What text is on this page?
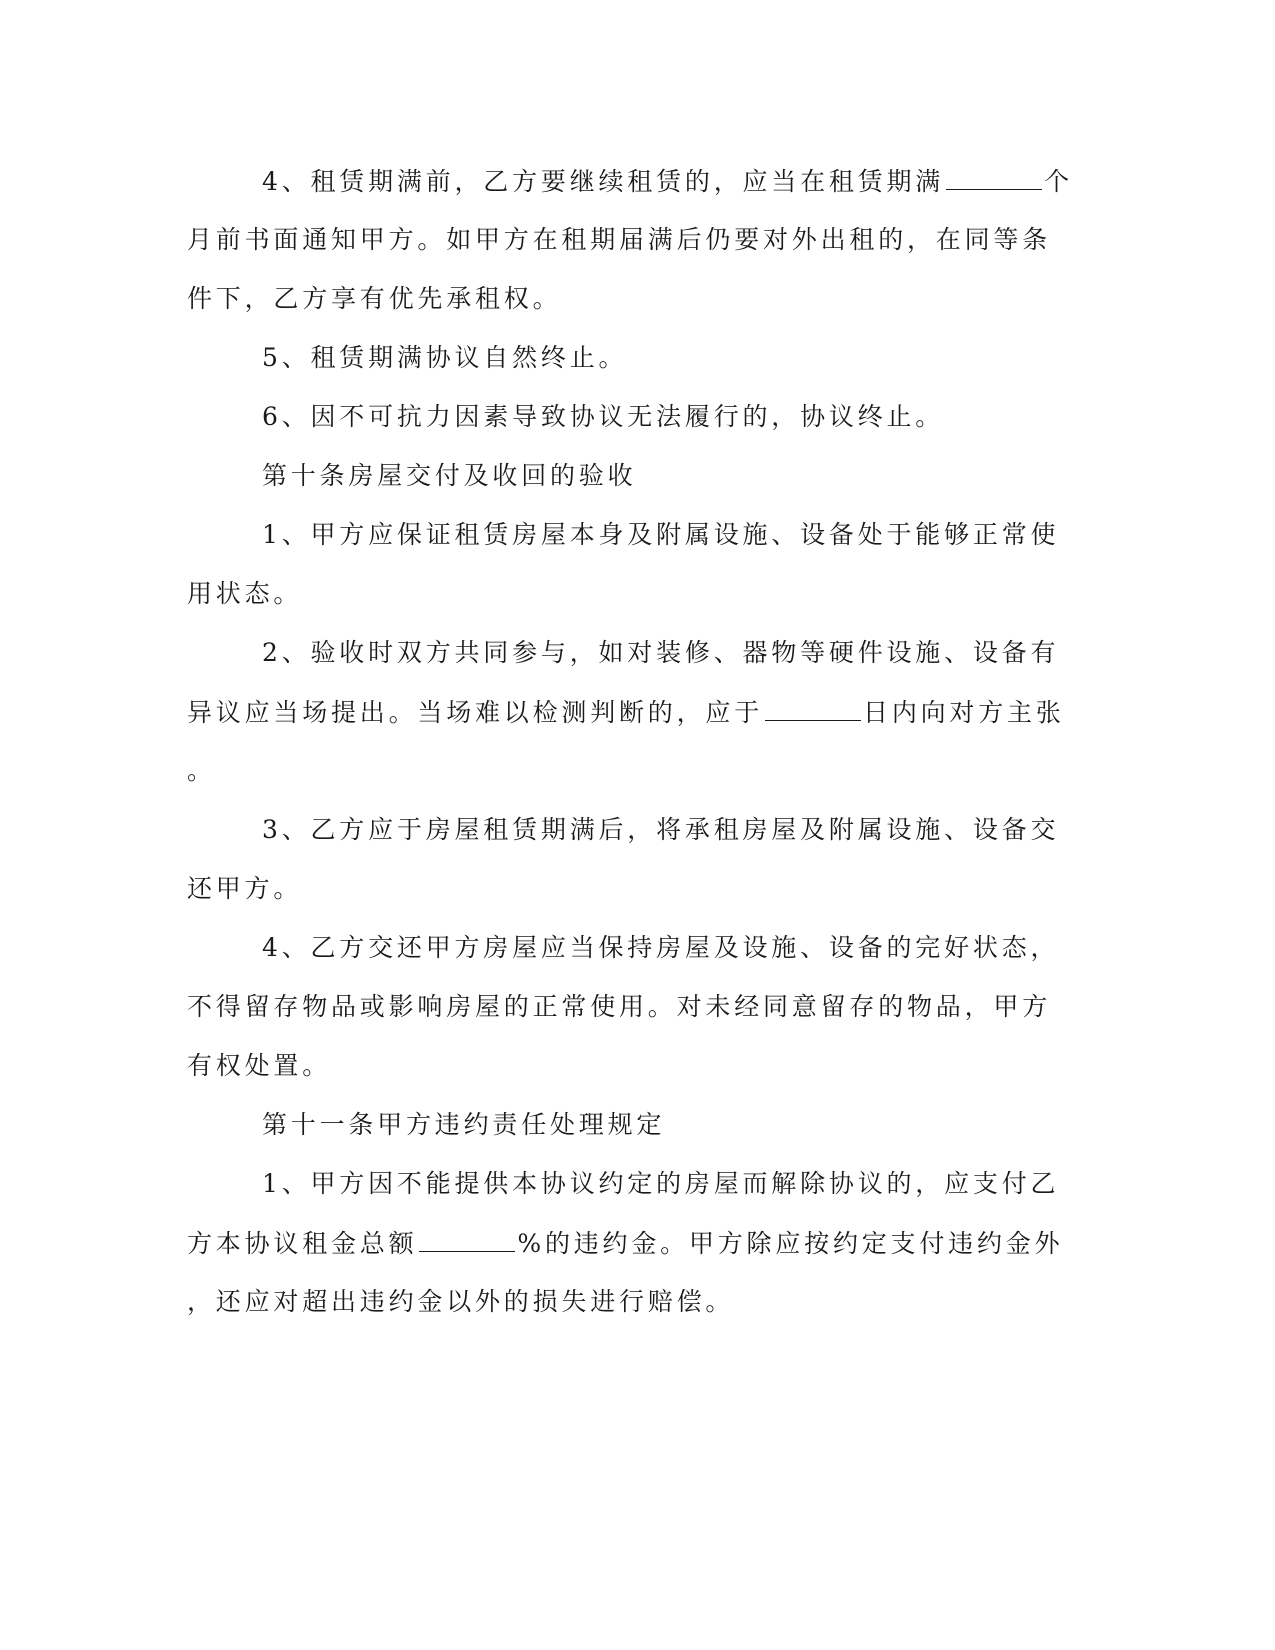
4、租赁期满前，乙方要继续租赁的，应当在租赁期满	个
月前书面通知甲方。如甲方在租期届满后仍要对外出租的，在同等条
件下，乙方享有优先承租权。
5、租赁期满协议自然终止。
6、因不可抗力因素导致协议无法履行的，协议终止。
第十条房屋交付及收回的验收
1、甲方应保证租赁房屋本身及附属设施、设备处于能够正常使
用状态。
2、验收时双方共同参与，如对装修、器物等硬件设施、设备有
异议应当场提出。当场难以检测判断的，应于	日内向对方主张
。
3、乙方应于房屋租赁期满后，将承租房屋及附属设施、设备交
还甲方。
4、乙方交还甲方房屋应当保持房屋及设施、设备的完好状态，
不得留存物品或影响房屋的正常使用。对未经同意留存的物品，甲方
有权处置。
第十一条甲方违约责任处理规定
1、甲方因不能提供本协议约定的房屋而解除协议的，应支付乙
方本协议租金总额	%的违约金。甲方除应按约定支付违约金外
，还应对超出违约金以外的损失进行赔偿。
